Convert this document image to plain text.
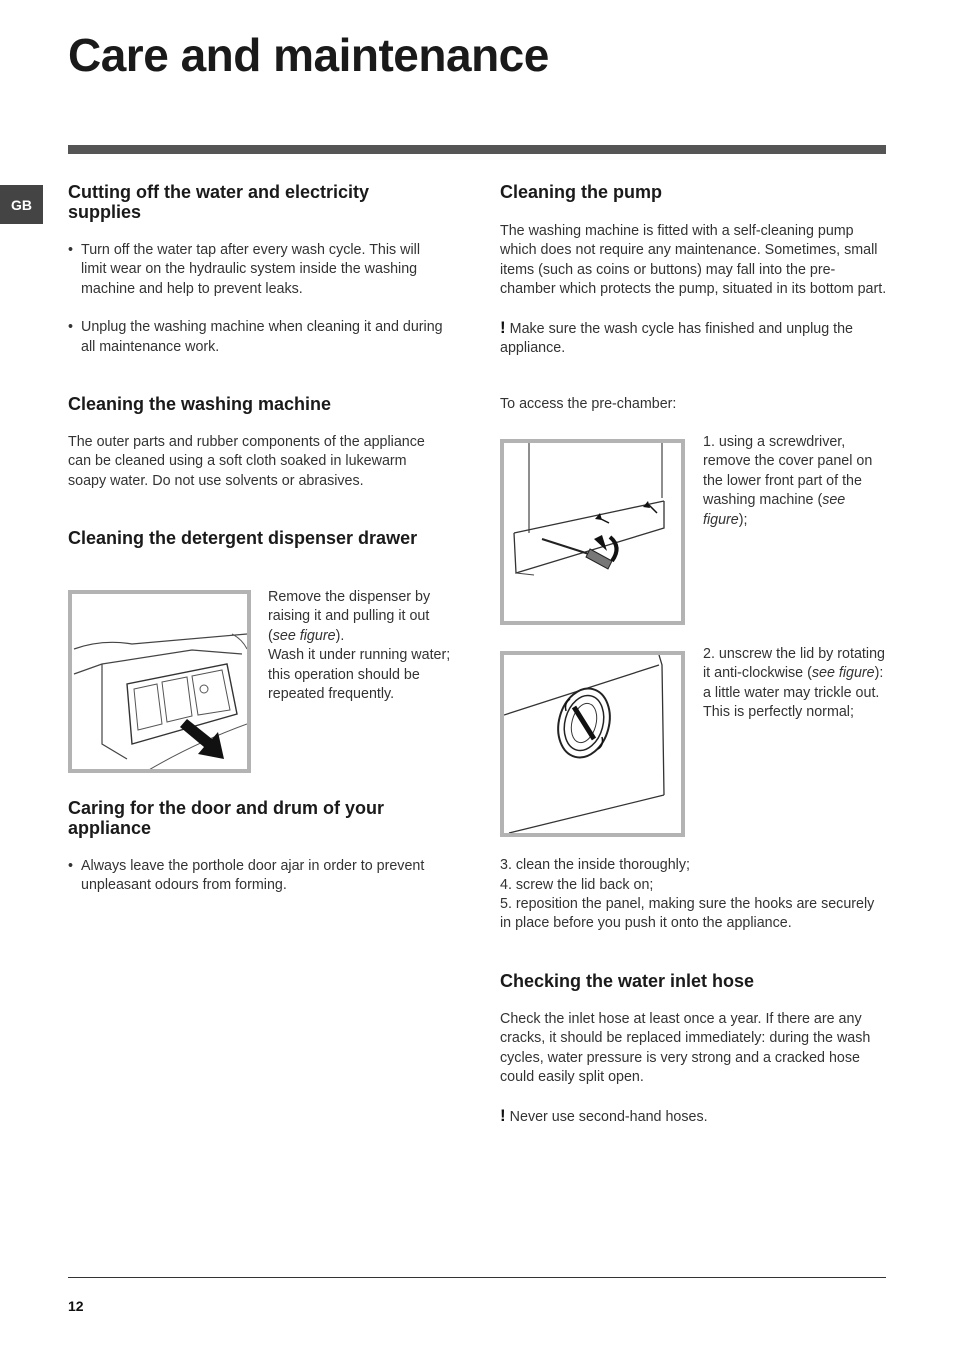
Care and maintenance
GB
Cutting off the water and electricity supplies
• Turn off the water tap after every wash cycle. This will limit wear on the hydraulic system inside the washing machine and help to prevent leaks.
• Unplug the washing machine when cleaning it and during all maintenance work.
Cleaning the washing machine

The outer parts and rubber components of the appliance can be cleaned using a soft cloth soaked in lukewarm soapy water. Do not use solvents or abrasives.

Cleaning the detergent dispenser drawer

Remove the dispenser by raising it and pulling it out (see figure).
Wash it under running water; this operation should be repeated frequently.

Caring for the door and drum of your appliance
• Always leave the porthole door ajar in order to prevent unpleasant odours from forming.
Cleaning the pump

The washing machine is fitted with a self-cleaning pump which does not require any maintenance. Sometimes, small items (such as coins or buttons) may fall into the pre-chamber which protects the pump, situated in its bottom part.

! Make sure the wash cycle has finished and unplug the appliance.

To access the pre-chamber:

1. using a screwdriver, remove the cover panel on the lower front part of the washing machine (see figure);

2. unscrew the lid by rotating it anti-clockwise (see figure): a little water may trickle out. This is perfectly normal;

3. clean the inside thoroughly;

4. screw the lid back on;

5. reposition the panel, making sure the hooks are securely in place before you push it onto the appliance.

Checking the water inlet hose

Check the inlet hose at least once a year. If there are any cracks, it should be replaced immediately: during the wash cycles, water pressure is very strong and a cracked hose could easily split open.

! Never use second-hand hoses.

12
